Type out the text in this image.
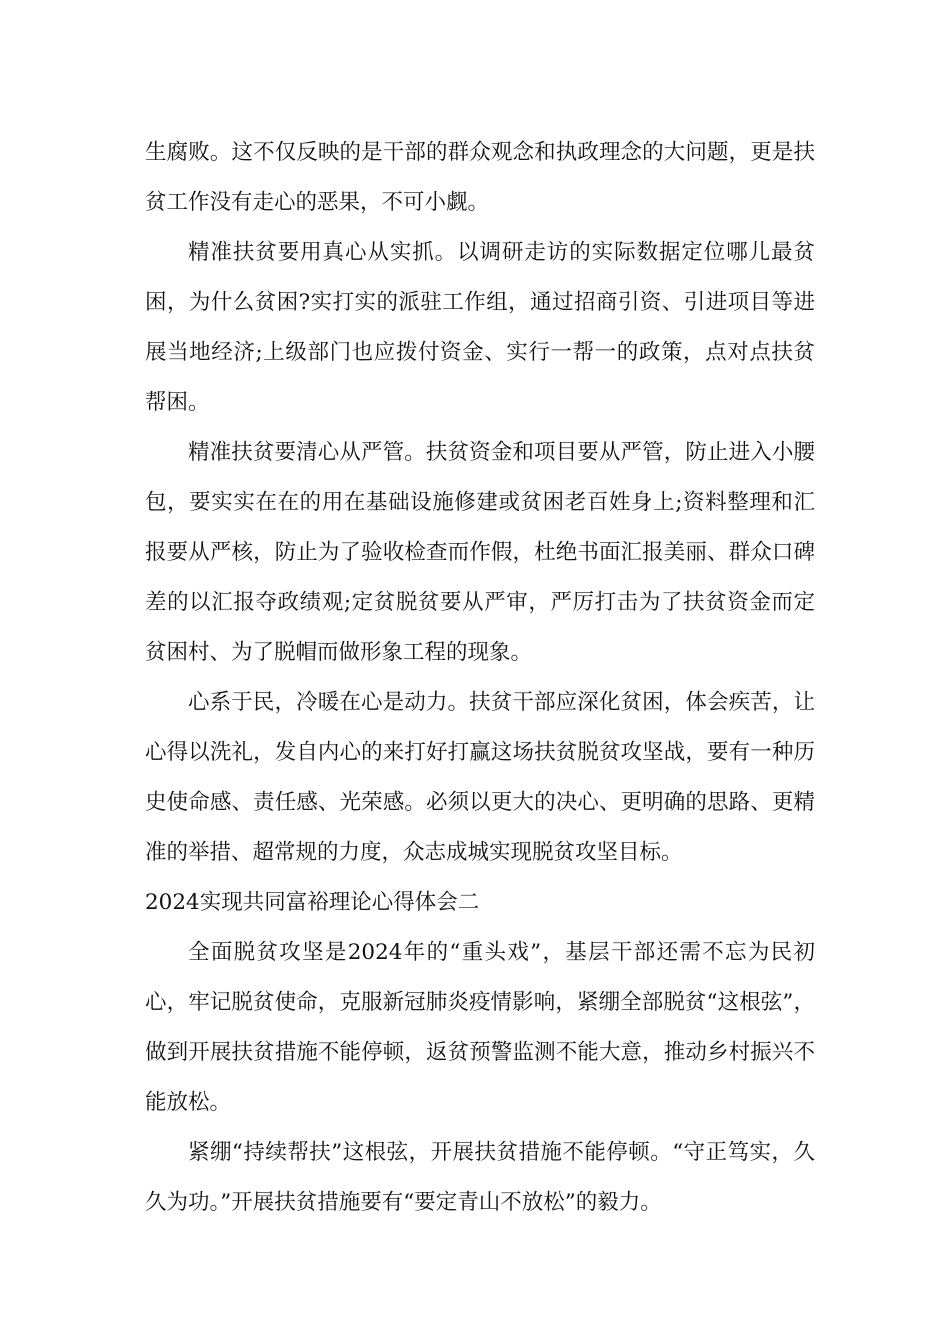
生腐败。这不仅反映的是干部的群众观念和执政理念的大问题，更是扶贫工作没有走心的恶果，不可小觑。

精准扶贫要用真心从实抓。以调研走访的实际数据定位哪儿最贫困，为什么贫困?实打实的派驻工作组，通过招商引资、引进项目等进展当地经济;上级部门也应拨付资金、实行一帮一的政策，点对点扶贫帮困。

精准扶贫要清心从严管。扶贫资金和项目要从严管，防止进入小腰包，要实实在在的用在基础设施修建或贫困老百姓身上;资料整理和汇报要从严核，防止为了验收检查而作假，杜绝书面汇报美丽、群众口碑差的以汇报夺政绩观;定贫脱贫要从严审，严厉打击为了扶贫资金而定贫困村、为了脱帽而做形象工程的现象。

心系于民，冷暖在心是动力。扶贫干部应深化贫困，体会疾苦，让心得以洗礼，发自内心的来打好打赢这场扶贫脱贫攻坚战，要有一种历史使命感、责任感、光荣感。必须以更大的决心、更明确的思路、更精准的举措、超常规的力度，众志成城实现脱贫攻坚目标。

2024实现共同富裕理论心得体会二

全面脱贫攻坚是2024年的“重头戏”，基层干部还需不忘为民初心，牢记脱贫使命，克服新冠肺炎疫情影响，紧绷全部脱贫“这根弦”，做到开展扶贫措施不能停顿，返贫预警监测不能大意，推动乡村振兴不能放松。

紧绷“持续帮扶”这根弦，开展扶贫措施不能停顿。“守正笃实，久久为功。”开展扶贫措施要有“要定青山不放松”的毅力。
